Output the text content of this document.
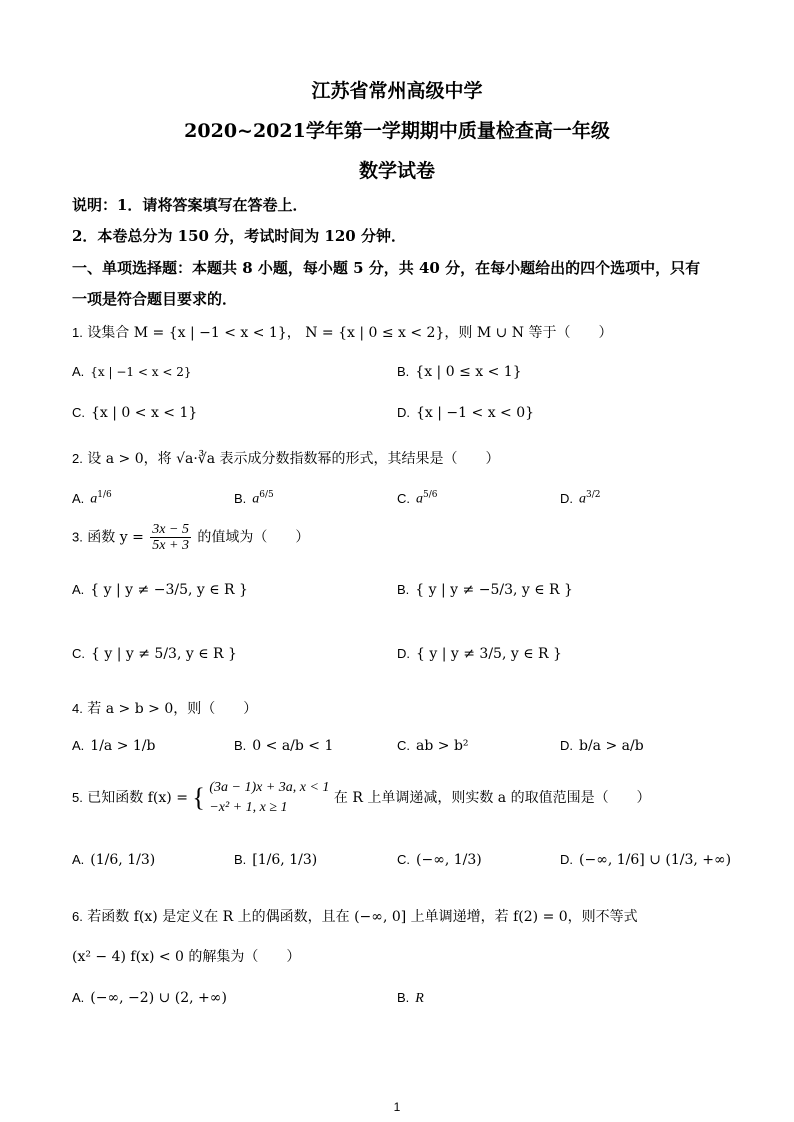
江苏省常州高级中学
2020~2021学年第一学期期中质量检查高一年级
数学试卷
说明：1．请将答案填写在答卷上．
2．本卷总分为 150 分，考试时间为 120 分钟．
一、单项选择题：本题共 8 小题，每小题 5 分，共 40 分，在每小题给出的四个选项中，只有
一项是符合题目要求的．
1. 设集合 M = {x | −1 < x < 1}， N = {x | 0 ≤ x < 2}，则 M ∪ N 等于（　　）
A. {x | −1 < x < 2}	B. {x | 0 ≤ x < 1}
C. {x | 0 < x < 1}	D. {x | −1 < x < 0}
2. 设 a > 0，将 √a·∛a 表示成分数指数幂的形式，其结果是（　　）
A. $a^{1/6}$	B. $a^{6/5}$	C. $a^{5/6}$	D. $a^{3/2}$
3. 函数 $y = \frac{3x - 5}{5x + 3}$ 的值域为（　　）
A. { y | y ≠ −3/5, y ∈ R }	B. { y | y ≠ −5/3, y ∈ R }
C. { y | y ≠ 5/3, y ∈ R }	D. { y | y ≠ 3/5, y ∈ R }
4. 若 a > b > 0，则（　　）
A. 1/a > 1/b	B. 0 < a/b < 1	C. ab > b²	D. b/a > a/b
5. 已知函数 f(x) = { (3a − 1)x + 3a, x < 1
−x² + 1, x ≥ 1
在 R 上单调递减，则实数 a 的取值范围是（　　）
A. (1/6, 1/3)	B. [1/6, 1/3)	C. (−∞, 1/3)	D. (−∞, 1/6] ∪ (1/3, +∞)
6. 若函数 f(x) 是定义在 R 上的偶函数，且在 (−∞, 0] 上单调递增，若 f(2) = 0，则不等式
(x² − 4) f(x) < 0 的解集为（　　）
A. (−∞, −2) ∪ (2, +∞)	B. R
1
